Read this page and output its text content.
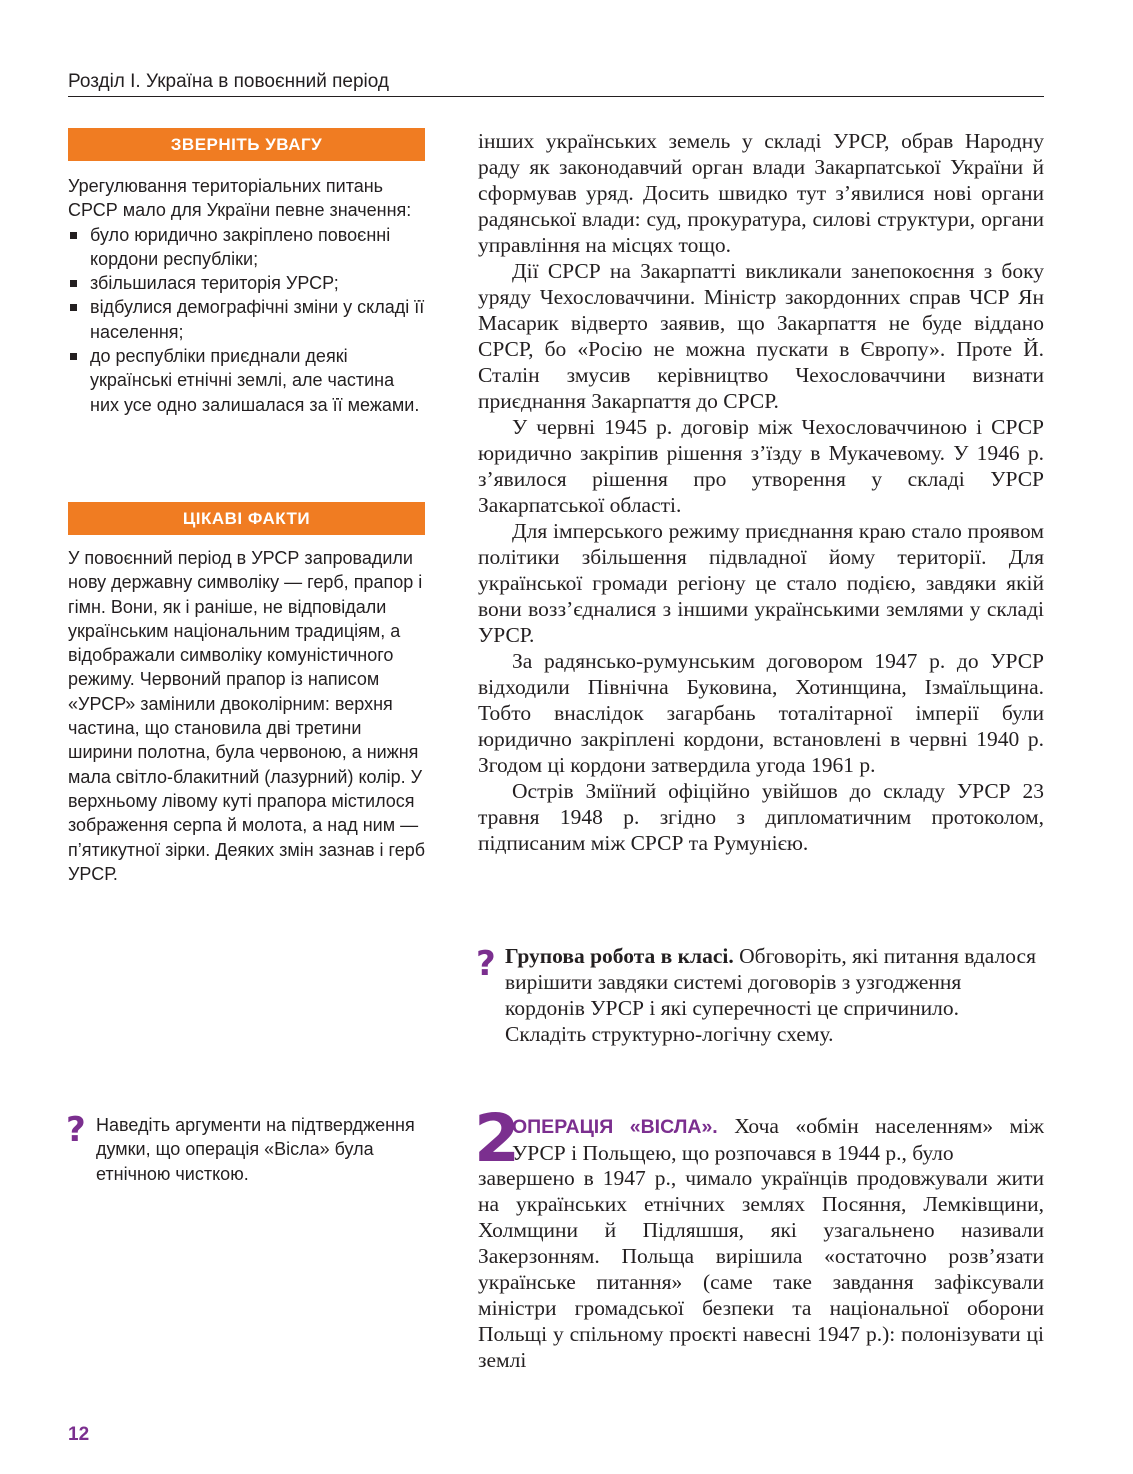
Розділ І. Україна в повоєнний період
ЗВЕРНІТЬ УВАГУ

Урегулювання територіальних питань СРСР мало для України певне значення:

було юридично закріплено повоєнні кордони республіки;
збільшилася територія УРСР;
відбулися демографічні зміни у складі її населення;
до республіки приєднали деякі українські етнічні землі, але частина них усе одно залишалася за її межами.
ЦІКАВІ ФАКТИ
У повоєнний період в УРСР запровадили нову державну символіку — герб, прапор і гімн. Вони, як і раніше, не відповідали українським національним традиціям, а відображали символіку комуністичного режиму. Червоний прапор із написом «УРСР» замінили двоколірним: верхня частина, що становила дві третини ширини полотна, була червоною, а нижня мала світло-блакитний (лазурний) колір. У верхньому лівому куті прапора містилося зображення серпа й молота, а над ним — п’ятикутної зірки. Деяких змін зазнав і герб УРСР.
? Наведіть аргументи на підтвердження думки, що операція «Вісла» була етнічною чисткою.

інших українських земель у складі УРСР, обрав Народну раду як законодавчий орган влади Закарпатської України й сформував уряд. Досить швидко тут з’явилися нові органи радянської влади: суд, прокуратура, силові структури, органи управління на місцях тощо.

Дії СРСР на Закарпатті викликали занепокоєння з боку уряду Чехословаччини. Міністр закордонних справ ЧСР Ян Масарик відверто заявив, що Закарпаття не буде віддано СРСР, бо «Росію не можна пускати в Європу». Проте Й. Сталін змусив керівництво Чехословаччини визнати приєднання Закарпаття до СРСР.

У червні 1945 р. договір між Чехословаччиною і СРСР юридично закріпив рішення з’їзду в Мукачевому. У 1946 р. з’явилося рішення про утворення у складі УРСР Закарпатської області.

Для імперського режиму приєднання краю стало проявом політики збільшення підвладної йому території. Для української громади регіону це стало подією, завдяки якій вони возз’єдналися з іншими українськими землями у складі УРСР.

За радянсько-румунським договором 1947 р. до УРСР відходили Північна Буковина, Хотинщина, Ізмаїльщина. Тобто внаслідок загарбань тоталітарної імперії були юридично закріплені кордони, встановлені в червні 1940 р. Згодом ці кордони затвердила угода 1961 р.

Острів Зміїний офіційно увійшов до складу УРСР 23 травня 1948 р. згідно з дипломатичним протоколом, підписаним між СРСР та Румунією.

? Групова робота в класі. Обговоріть, які питання вдалося вирішити завдяки системі договорів з узгодження кордонів УРСР і які суперечності це спричинило. Складіть структурно-логічну схему.
2
ОПЕРАЦІЯ «ВІСЛА». Хоча «обмін населенням» між УРСР і Польщею, що розпочався в 1944 р., було
завершено в 1947 р., чимало українців продовжували жити на українських етнічних землях Посяння, Лемківщини, Холмщини й Підляшшя, які узагальнено називали Закерзонням. Польща вирішила «остаточно розв’язати українське питання» (саме таке завдання зафіксували міністри громадської безпеки та національної оборони Польщі у спільному проєкті навесні 1947 р.): полонізувати ці землі
12
